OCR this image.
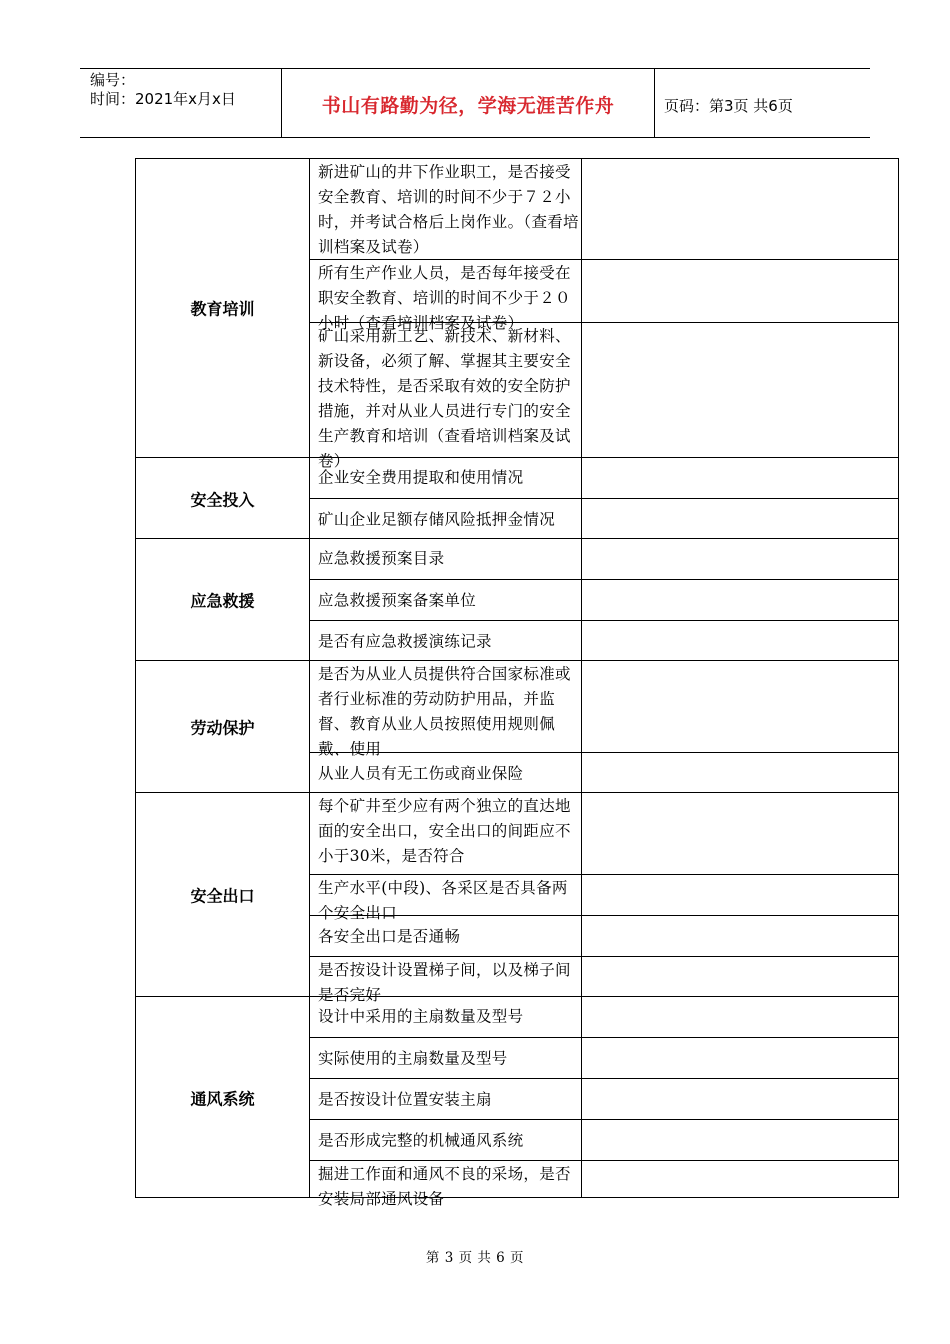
编号：
时间：2021年x月x日	书山有路勤为径，学海无涯苦作舟	页码：第3页 共6页
教育培训
新进矿山的井下作业职工，是否接受安全教育、培训的时间不少于７２小时，并考试合格后上岗作业。（查看培训档案及试卷）
所有生产作业人员，是否每年接受在职安全教育、培训的时间不少于２０小时（查看培训档案及试卷）
矿山采用新工艺、新技术、新材料、新设备，必须了解、掌握其主要安全技术特性，是否采取有效的安全防护措施，并对从业人员进行专门的安全生产教育和培训（查看培训档案及试卷）
安全投入
企业安全费用提取和使用情况
矿山企业足额存储风险抵押金情况
应急救援
应急救援预案目录
应急救援预案备案单位
是否有应急救援演练记录
劳动保护
是否为从业人员提供符合国家标准或者行业标准的劳动防护用品，并监督、教育从业人员按照使用规则佩戴、使用
从业人员有无工伤或商业保险
安全出口
每个矿井至少应有两个独立的直达地面的安全出口，安全出口的间距应不小于30米，是否符合
生产水平(中段)、各采区是否具备两个安全出口
各安全出口是否通畅
是否按设计设置梯子间，以及梯子间是否完好
通风系统
设计中采用的主扇数量及型号
实际使用的主扇数量及型号
是否按设计位置安装主扇
是否形成完整的机械通风系统
掘进工作面和通风不良的采场，是否安装局部通风设备
第 3 页 共 6 页
